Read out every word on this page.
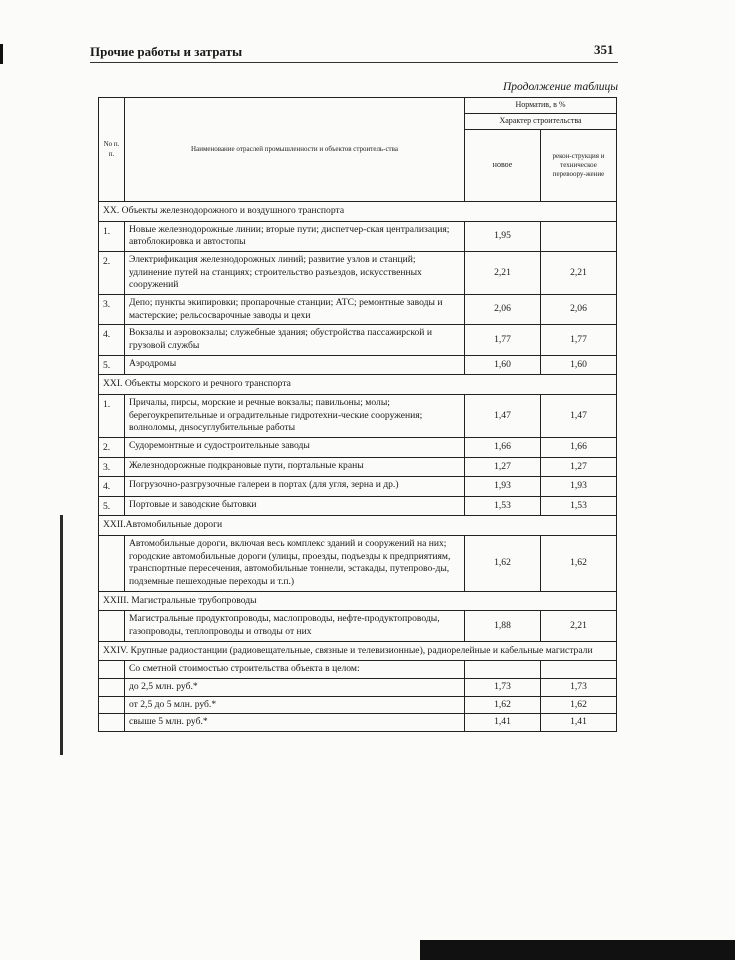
Прочие работы и затраты	351
Продолжение таблицы
No п. п.	Наименование отраслей промышленности и объектов строитель-ства	Норматив, в %	
		Характер строительства	
		новое	рекон-струкция и техническое перевоору-жение
XX. Объекты железнодорожного и воздушного транспорта			
1.	Новые железнодорожные линии; вторые пути; диспетчер-ская централизация; автоблокировка и автостопы	1,95	
2.	Электрификация железнодорожных линий; развитие узлов и станций; удлинение путей на станциях; строительство разъездов, искусственных сооружений	2,21	2,21
3.	Депо; пункты экипировки; пропарочные станции; АТС; ремонтные заводы и мастерские; рельсосварочные заводы и цехи	2,06	2,06
4.	Вокзалы и аэровокзалы; служебные здания; обустройства пассажирской и грузовой службы	1,77	1,77
5.	Аэродромы	1,60	1,60
XXI. Объекты морского и речного транспорта			
1.	Причалы, пирсы, морские и речные вокзалы; павильоны; молы; берегоукрепительные и оградительные гидротехни-ческие сооружения; волноломы, днsocуглубительные работы	1,47	1,47
2.	Судоремонтные и судостроительные заводы	1,66	1,66
3.	Железнодорожные подкрановые пути, портальные краны	1,27	1,27
4.	Погрузочно-разгрузочные галереи в портах (для угля, зерна и др.)	1,93	1,93
5.	Портовые и заводские бытовки	1,53	1,53
XXII.Автомобильные дороги			
	Автомобильные дороги, включая весь комплекс зданий и сооружений на них; городские автомобильные дороги (улицы, проезды, подъезды к предприятиям, транспортные пересечения, автомобильные тоннели, эстакады, путепрово-ды, подземные пешеходные переходы и т.п.)	1,62	1,62
XXIII. Магистральные трубопроводы			
	Магистральные продуктопроводы, маслопроводы, нефте-продуктопроводы, газопроводы, теплопроводы и отводы от них	1,88	2,21
XXIV. Крупные радиостанции (радиовещательные, связные и телевизионные), радиорелейные и кабельные магистрали			
	Со сметной стоимостью строительства объекта в целом:		
	до 2,5 млн. руб.*	1,73	1,73
	от 2,5 до 5 млн. руб.*	1,62	1,62
	свыше 5 млн. руб.*	1,41	1,41
